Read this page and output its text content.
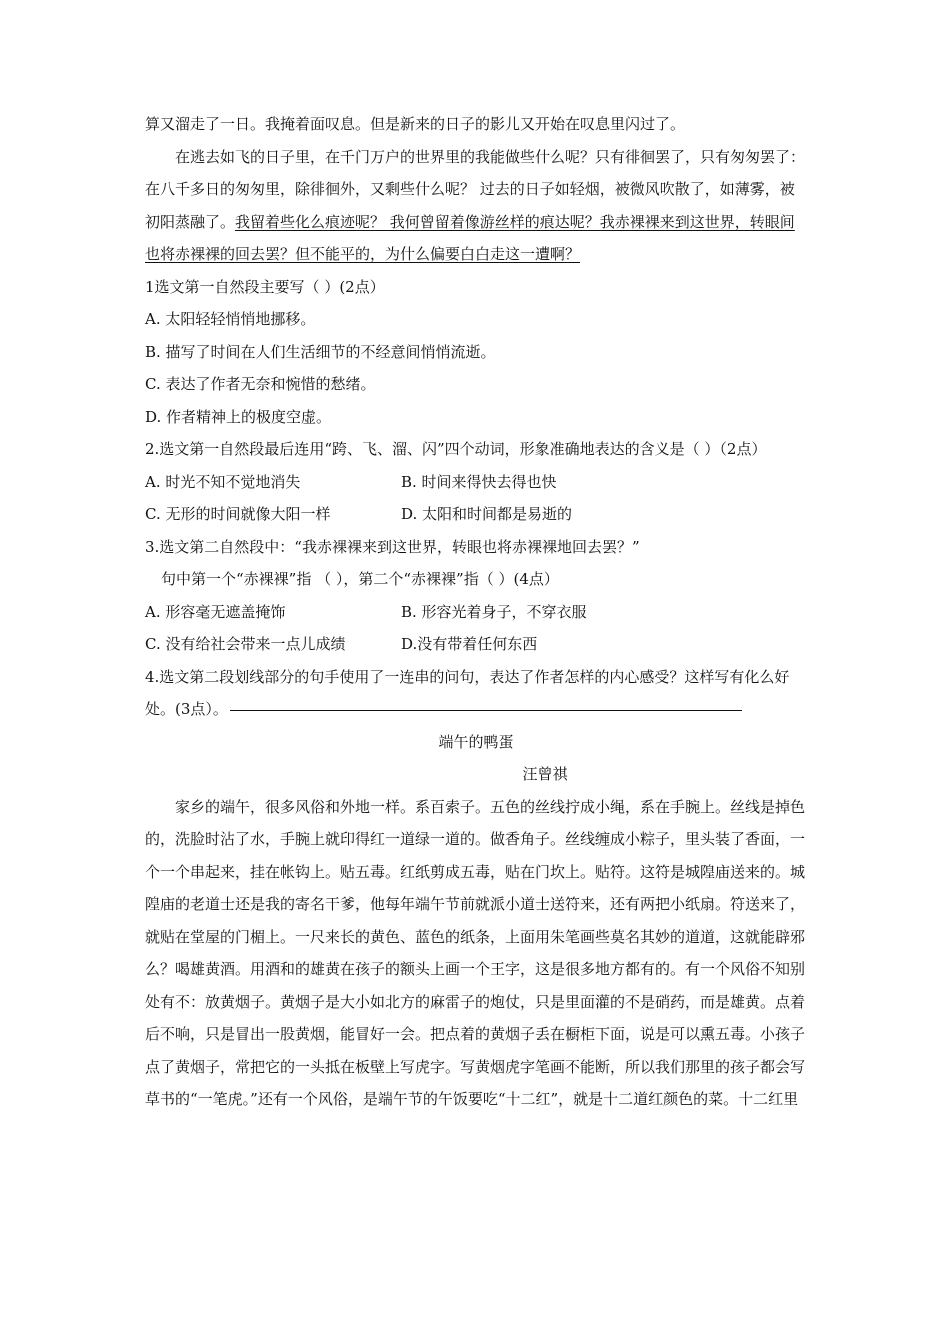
算又溜走了一日。我掩着面叹息。但是新来的日子的影儿又开始在叹息里闪过了。

在逃去如飞的日子里，在千门万户的世界里的我能做些什么呢？只有徘徊罢了，只有匆匆罢了：在八千多日的匆匆里，除徘徊外，又剩些什么呢？ 过去的日子如轻烟，被微风吹散了，如薄雾，被初阳蒸融了。我留着些化么痕迹呢？ 我何曾留着像游丝样的痕达呢？我赤裸裸来到这世界，转眼间也将赤裸裸的回去罢？但不能平的，为什么偏要白白走这一遭啊？

1选文第一自然段主要写（ ）(2点）

A. 太阳轻轻悄悄地挪移。

B. 描写了时间在人们生活细节的不经意间悄悄流逝。

C. 表达了作者无奈和惋惜的愁绪。

D. 作者精神上的极度空虚。

2.选文第一自然段最后连用“跨、飞、溜、闪”四个动词，形象准确地表达的含义是（ ）（2点）

A. 时光不知不觉地消失	B. 时间来得快去得也快
C. 无形的时间就像大阳一样	D. 太阳和时间都是易逝的

3.选文第二自然段中：“我赤裸裸来到这世界，转眼也将赤裸裸地回去罢？”

句中第一个“赤裸裸”指 （ ），第二个“赤裸裸”指（ ）(4点）

A. 形容毫无遮盖掩饰	B. 形容光着身子，不穿衣服
C. 没有给社会带来一点儿成绩	D.没有带着任何东西

4.选文第二段划线部分的句手使用了一连串的问句，表达了作者怎样的内心感受？这样写有化么好处。(3点）。

端午的鸭蛋

汪曾祺

家乡的端午，很多风俗和外地一样。系百索子。五色的丝线拧成小绳，系在手腕上。丝线是掉色的，洗脸时沾了水，手腕上就印得红一道绿一道的。做香角子。丝线缠成小粽子，里头装了香面，一个一个串起来，挂在帐钩上。贴五毒。红纸剪成五毒，贴在门坎上。贴符。这符是城隍庙送来的。城隍庙的老道士还是我的寄名干爹，他每年端午节前就派小道士送符来，还有两把小纸扇。符送来了，就贴在堂屋的门楣上。一尺来长的黄色、蓝色的纸条，上面用朱笔画些莫名其妙的道道，这就能辟邪么？喝雄黄酒。用酒和的雄黄在孩子的额头上画一个王字，这是很多地方都有的。有一个风俗不知别处有不：放黄烟子。黄烟子是大小如北方的麻雷子的炮仗，只是里面灌的不是硝药，而是雄黄。点着后不响，只是冒出一股黄烟，能冒好一会。把点着的黄烟子丢在橱柜下面，说是可以熏五毒。小孩子点了黄烟子，常把它的一头抵在板壁上写虎字。写黄烟虎字笔画不能断，所以我们那里的孩子都会写草书的“一笔虎。”还有一个风俗，是端午节的午饭要吃“十二红”，就是十二道红颜色的菜。十二红里
